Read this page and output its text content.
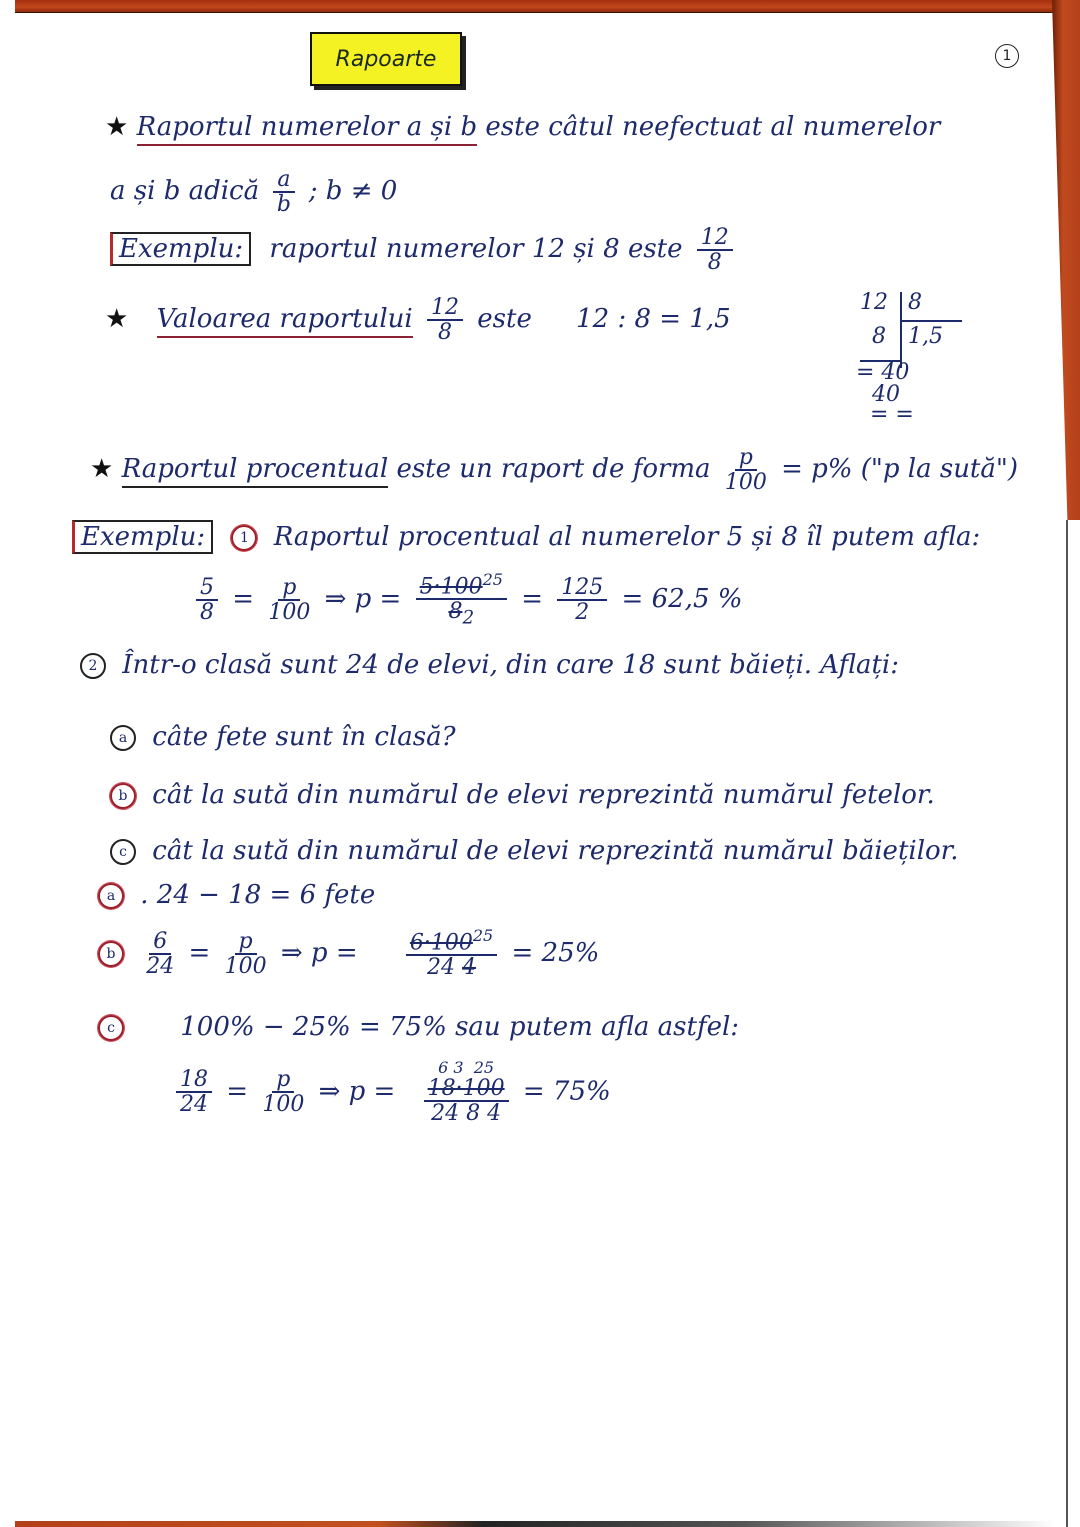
Rapoarte	1
★ Raportul numerelor a și b este câtul neefectuat al numerelor
a și b adică $\frac{a}{b}$ ; b ≠ 0
Exemplu: raportul numerelor 12 și 8 este $\frac{12}{8}$
★ Valoarea raportului $\frac{12}{8}$ este 12 : 8 = 1,5
12 8
8 1,5
= 40
40
= =
★ Raportul procentual este un raport de forma $\frac{p}{100} = p\%$ ("p la sută")
Exemplu: 1 Raportul procentual al numerelor 5 și 8 îl putem afla:
$\frac{5}{8} = \frac{p}{100}$ ⇒ $p = \frac{5\cdot 100^{25}}{8_2} = \frac{125}{2} = 62,5$ %
2 Într-o clasă sunt 24 de elevi, din care 18 sunt băieți. Aflați:
a câte fete sunt în clasă?
b cât la sută din numărul de elevi reprezintă numărul fetelor.
c cât la sută din numărul de elevi reprezintă numărul băieților.
a . 24 − 18 = 6 fete
b $\frac{6}{24} = \frac{p}{100}$ ⇒ $p = \frac{6\cdot 100^{25}}{24 4} = 25\%$
c	100% − 25% = 75% sau putem afla astfel:
$\frac{18}{24} = \frac{p}{100}$ ⇒ p =
6 3 25
18·100
24 8 4
= 75%
